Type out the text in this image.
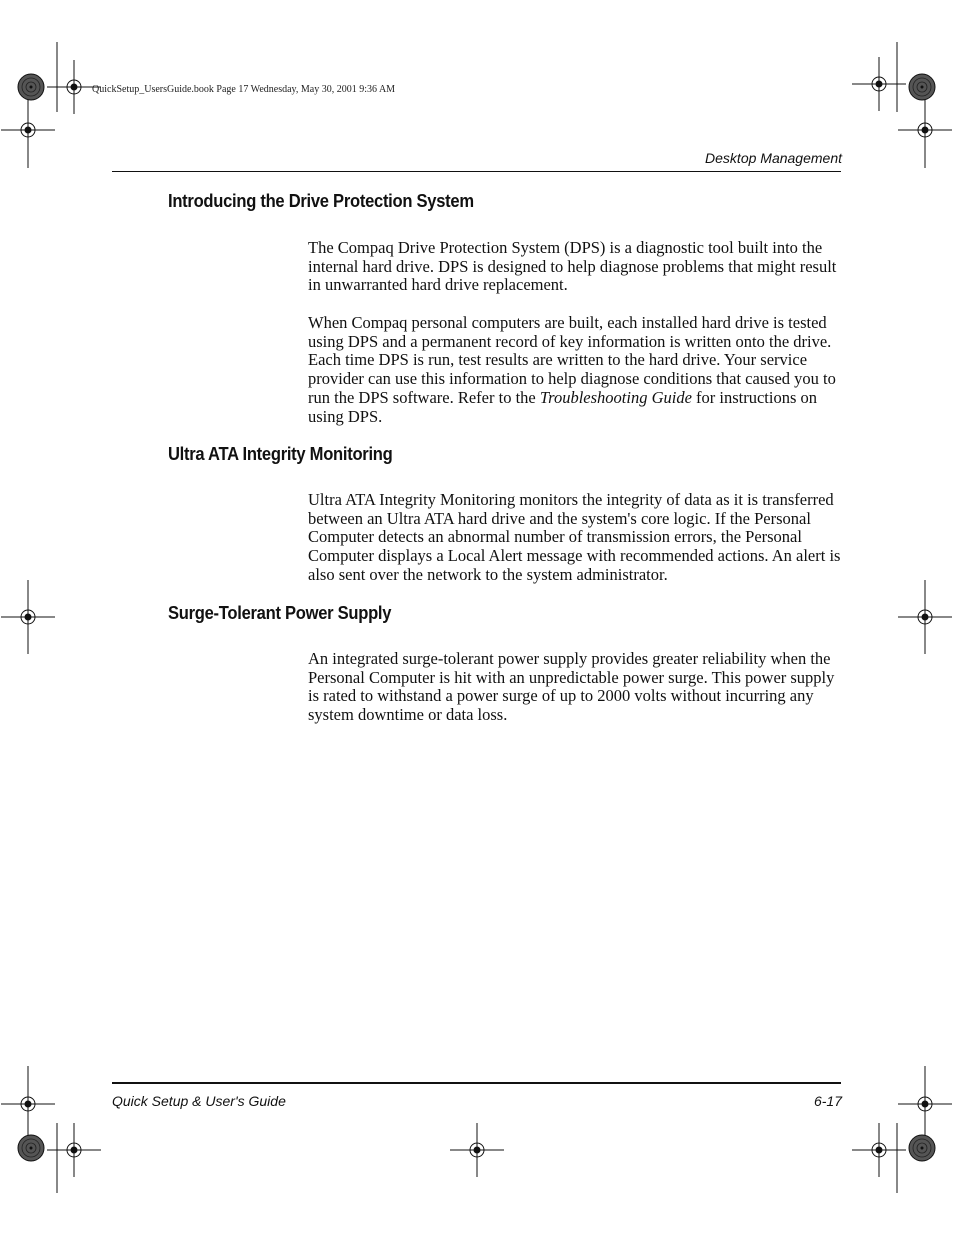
QuickSetup_UsersGuide.book Page 17 Wednesday, May 30, 2001 9:36 AM
Desktop Management
Introducing the Drive Protection System

The Compaq Drive Protection System (DPS) is a diagnostic tool built into the internal hard drive. DPS is designed to help diagnose problems that might result in unwarranted hard drive replacement.

When Compaq personal computers are built, each installed hard drive is tested using DPS and a permanent record of key information is written onto the drive. Each time DPS is run, test results are written to the hard drive. Your service provider can use this information to help diagnose conditions that caused you to run the DPS software. Refer to the Troubleshooting Guide for instructions on using DPS.

Ultra ATA Integrity Monitoring

Ultra ATA Integrity Monitoring monitors the integrity of data as it is transferred between an Ultra ATA hard drive and the system's core logic. If the Personal Computer detects an abnormal number of transmission errors, the Personal Computer displays a Local Alert message with recommended actions. An alert is also sent over the network to the system administrator.

Surge-Tolerant Power Supply

An integrated surge-tolerant power supply provides greater reliability when the Personal Computer is hit with an unpredictable power surge. This power supply is rated to withstand a power surge of up to 2000 volts without incurring any system downtime or data loss.

Quick Setup & User's Guide	6-17
